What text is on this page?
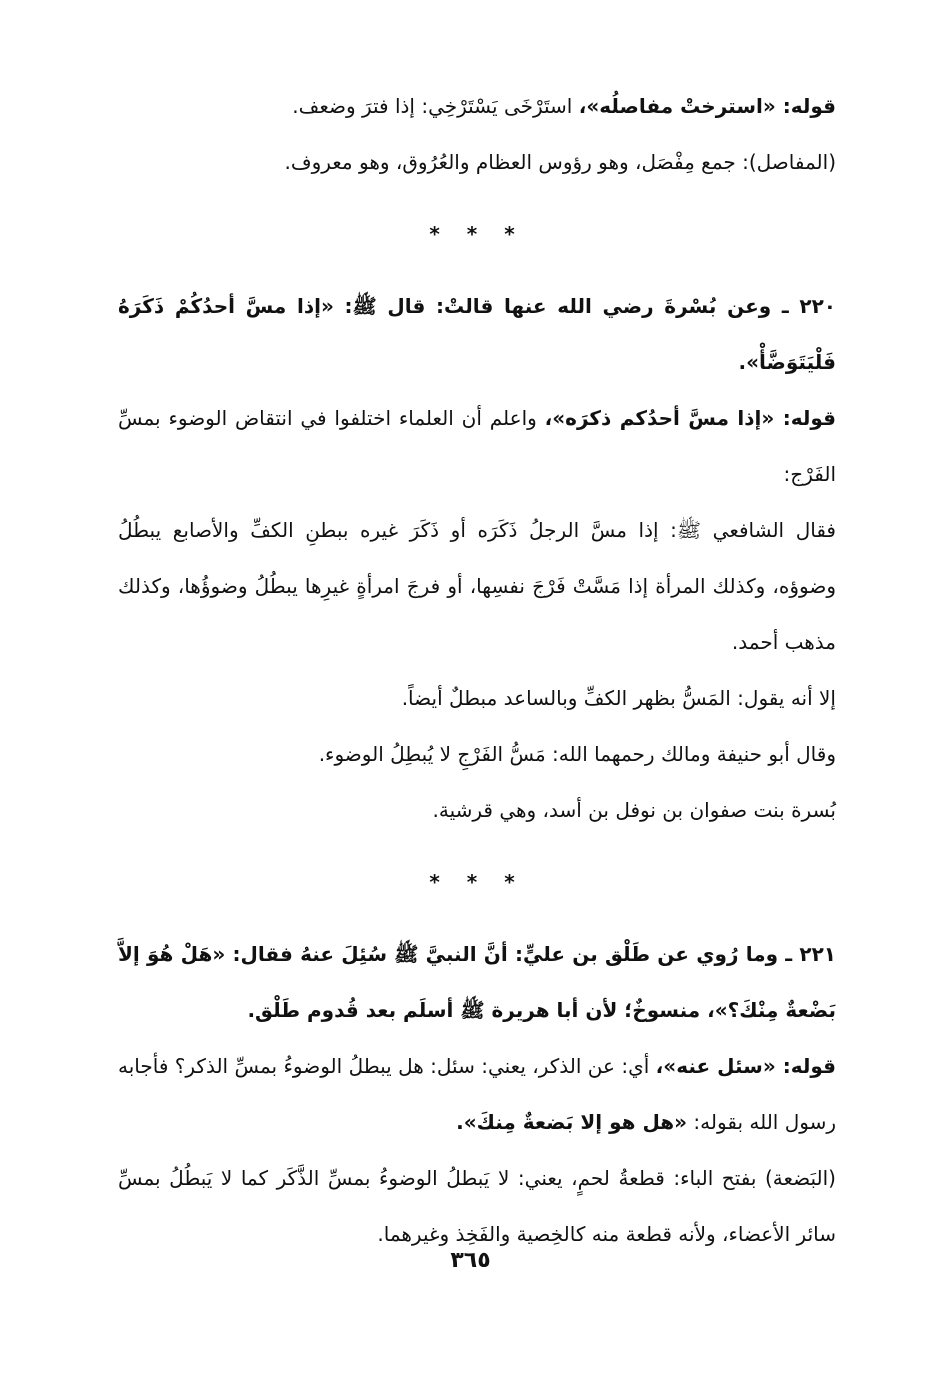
قوله: «استرختْ مفاصلُه»، استَرْخَى يَسْتَرْخِي: إذا فترَ وضعف.

(المفاصل): جمع مِفْصَل، وهو رؤوس العظام والعُرُوق، وهو معروف.

* * *

٢٢٠ ـ وعن بُسْرةَ رضي الله عنها قالتْ: قال ﷺ: «إذا مسَّ أحدُكُمْ ذَكَرَهُ فَلْيَتَوَضَّأْ».

قوله: «إذا مسَّ أحدُكم ذكرَه»، واعلم أن العلماء اختلفوا في انتقاض الوضوء بمسِّ الفَرْج:

فقال الشافعي ﷺ: إذا مسَّ الرجلُ ذَكَرَه أو ذَكَرَ غيره ببطنِ الكفِّ والأصابع يبطُلُ وضوؤه، وكذلك المرأة إذا مَسَّتْ فَرْجَ نفسِها، أو فرجَ امرأةٍ غيرِها يبطُلُ وضوؤُها، وكذلك مذهب أحمد.

إلا أنه يقول: المَسُّ بظهر الكفِّ وبالساعد مبطلٌ أيضاً.

وقال أبو حنيفة ومالك رحمهما الله: مَسُّ الفَرْجِ لا يُبطِلُ الوضوء.

بُسرة بنت صفوان بن نوفل بن أسد، وهي قرشية.

* * *

٢٢١ ـ وما رُوي عن طَلْق بن عليٍّ: أنَّ النبيَّ ﷺ سُئِلَ عنهُ فقال: «هَلْ هُوَ إلاَّ بَضْعةٌ مِنْكَ؟»، منسوخٌ؛ لأن أبا هريرة ﷺ أسلَم بعد قُدوم طَلْق.

قوله: «سئل عنه»، أي: عن الذكر، يعني: سئل: هل يبطلُ الوضوءُ بمسِّ الذكر؟ فأجابه رسول الله بقوله: «هل هو إلا بَضعةٌ مِنكَ».

(البَضعة) بفتح الباء: قطعةُ لحمٍ، يعني: لا يَبطلُ الوضوءُ بمسِّ الذَّكَر كما لا يَبطُلُ بمسِّ سائر الأعضاء، ولأنه قطعة منه كالخِصية والفَخِذ وغيرهما.

٣٦٥
